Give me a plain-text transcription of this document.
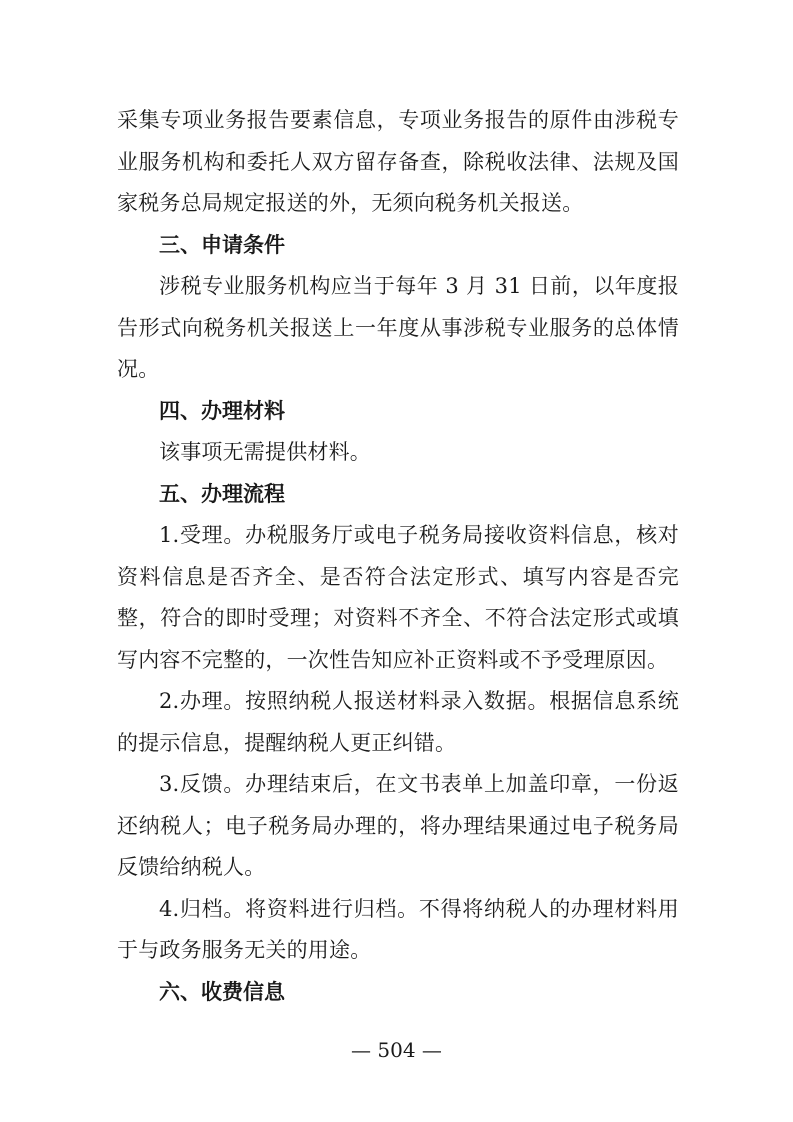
采集专项业务报告要素信息，专项业务报告的原件由涉税专业服务机构和委托人双方留存备查，除税收法律、法规及国家税务总局规定报送的外，无须向税务机关报送。

三、申请条件

涉税专业服务机构应当于每年 3 月 31 日前，以年度报告形式向税务机关报送上一年度从事涉税专业服务的总体情况。

四、办理材料

该事项无需提供材料。

五、办理流程

1.受理。办税服务厅或电子税务局接收资料信息，核对资料信息是否齐全、是否符合法定形式、填写内容是否完整，符合的即时受理；对资料不齐全、不符合法定形式或填写内容不完整的，一次性告知应补正资料或不予受理原因。

2.办理。按照纳税人报送材料录入数据。根据信息系统的提示信息，提醒纳税人更正纠错。

3.反馈。办理结束后，在文书表单上加盖印章，一份返还纳税人；电子税务局办理的，将办理结果通过电子税务局反馈给纳税人。

4.归档。将资料进行归档。不得将纳税人的办理材料用于与政务服务无关的用途。

六、收费信息

— 504 —
